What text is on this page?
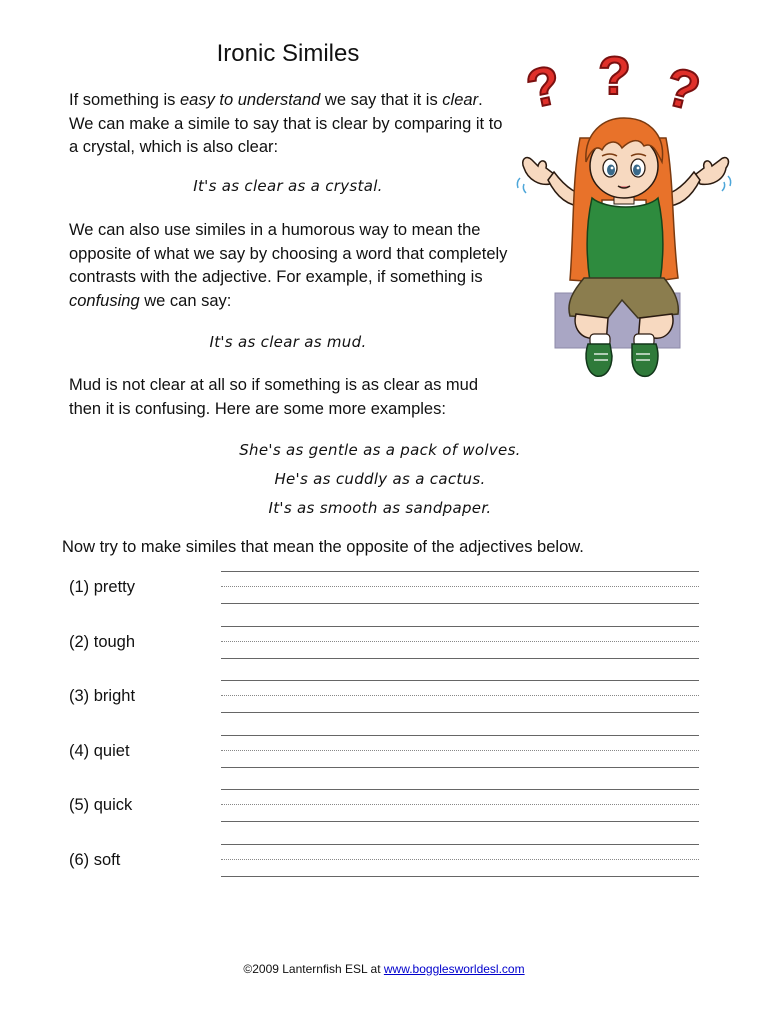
Ironic Similes
If something is easy to understand we say that it is clear. We can make a simile to say that is clear by comparing it to a crystal, which is also clear:
It's as clear as a crystal.
We can also use similes in a humorous way to mean the opposite of what we say by choosing a word that completely contrasts with the adjective. For example, if something is confusing we can say:
It's as clear as mud.
Mud is not clear at all so if something is as clear as mud then it is confusing. Here are some more examples:
She's as gentle as a pack of wolves.
He's as cuddly as a cactus.
It's as smooth as sandpaper.
Now try to make similes that mean the opposite of the adjectives below.
(1) pretty
(2) tough
(3) bright
(4) quiet
(5) quick
(6) soft
©2009 Lanternfish ESL at www.bogglesworldesl.com
? ? ?
